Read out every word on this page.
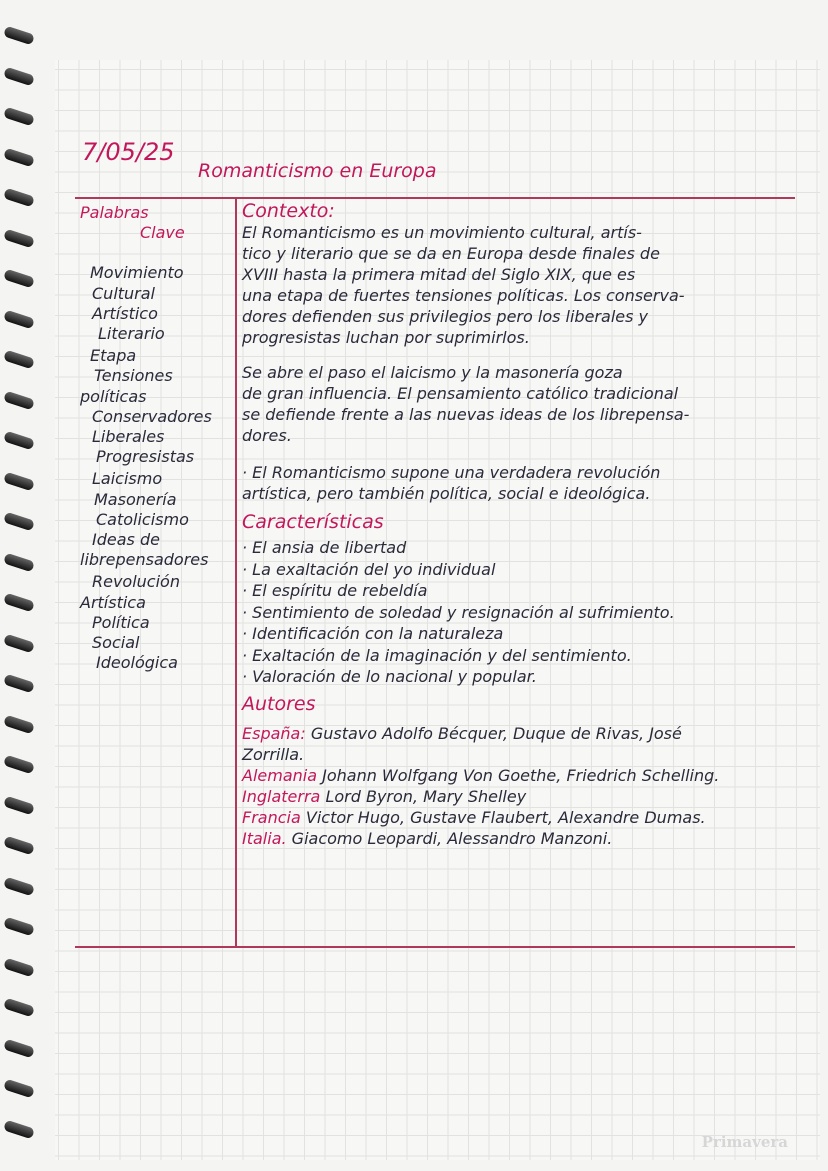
7/05/25
Romanticismo en Europa
Palabras
Clave
Movimiento
Cultural
Artístico
Literario
Etapa
Tensiones
políticas
Conservadores
Liberales
Progresistas
Laicismo
Masonería
Catolicismo
Ideas de
librepensadores
Revolución
Artística
Política
Social
Ideológica
Contexto:
El Romanticismo es un movimiento cultural, artís-
tico y literario que se da en Europa desde finales de
XVIII hasta la primera mitad del Siglo XIX, que es
una etapa de fuertes tensiones políticas. Los conserva-
dores defienden sus privilegios pero los liberales y
progresistas luchan por suprimirlos.
Se abre el paso el laicismo y la masonería goza
de gran influencia. El pensamiento católico tradicional
se defiende frente a las nuevas ideas de los librepensa-
dores.
· El Romanticismo supone una verdadera revolución
artística, pero también política, social e ideológica.
Características
· El ansia de libertad
· La exaltación del yo individual
· El espíritu de rebeldía
· Sentimiento de soledad y resignación al sufrimiento.
· Identificación con la naturaleza
· Exaltación de la imaginación y del sentimiento.
· Valoración de lo nacional y popular.
Autores
España: Gustavo Adolfo Bécquer, Duque de Rivas, José
Zorrilla.
Alemania Johann Wolfgang Von Goethe, Friedrich Schelling.
Inglaterra Lord Byron, Mary Shelley
Francia Victor Hugo, Gustave Flaubert, Alexandre Dumas.
Italia. Giacomo Leopardi, Alessandro Manzoni.
Primavera
